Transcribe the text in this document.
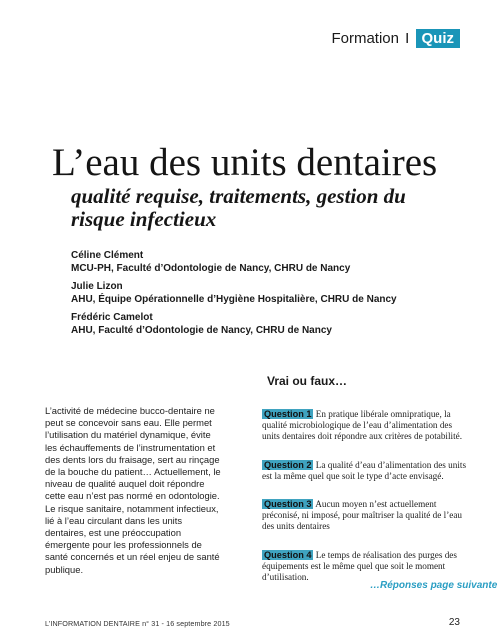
Formation I Quiz
L’eau des units dentaires
qualité requise, traitements, gestion du risque infectieux
Céline Clément
MCU-PH, Faculté d’Odontologie de Nancy, CHRU de Nancy
Julie Lizon
AHU, Équipe Opérationnelle d’Hygiène Hospitalière, CHRU de Nancy
Frédéric Camelot
AHU, Faculté d’Odontologie de Nancy, CHRU de Nancy
Vrai ou faux…
L’activité de médecine bucco-dentaire ne peut se concevoir sans eau. Elle permet l’utilisation du matériel dynamique, évite les échauffements de l’instrumentation et des dents lors du fraisage, sert au rinçage de la bouche du patient… Actuellement, le niveau de qualité auquel doit répondre cette eau n’est pas normé en odontologie. Le risque sanitaire, notamment infectieux, lié à l’eau circulant dans les units dentaires, est une préoccupation émergente pour les professionnels de santé concernés et un réel enjeu de santé publique.
Question 1 En pratique libérale omnipratique, la qualité microbiologique de l’eau d’alimentation des units dentaires doit répondre aux critères de potabilité.
Question 2 La qualité d’eau d’alimentation des units est la même quel que soit le type d’acte envisagé.
Question 3 Aucun moyen n’est actuellement préconisé, ni imposé, pour maîtriser la qualité de l’eau des units dentaires
Question 4 Le temps de réalisation des purges des équipements est le même quel que soit le moment d’utilisation.
…Réponses page suivante
L’INFORMATION DENTAIRE n° 31 - 16 septembre 2015	23
